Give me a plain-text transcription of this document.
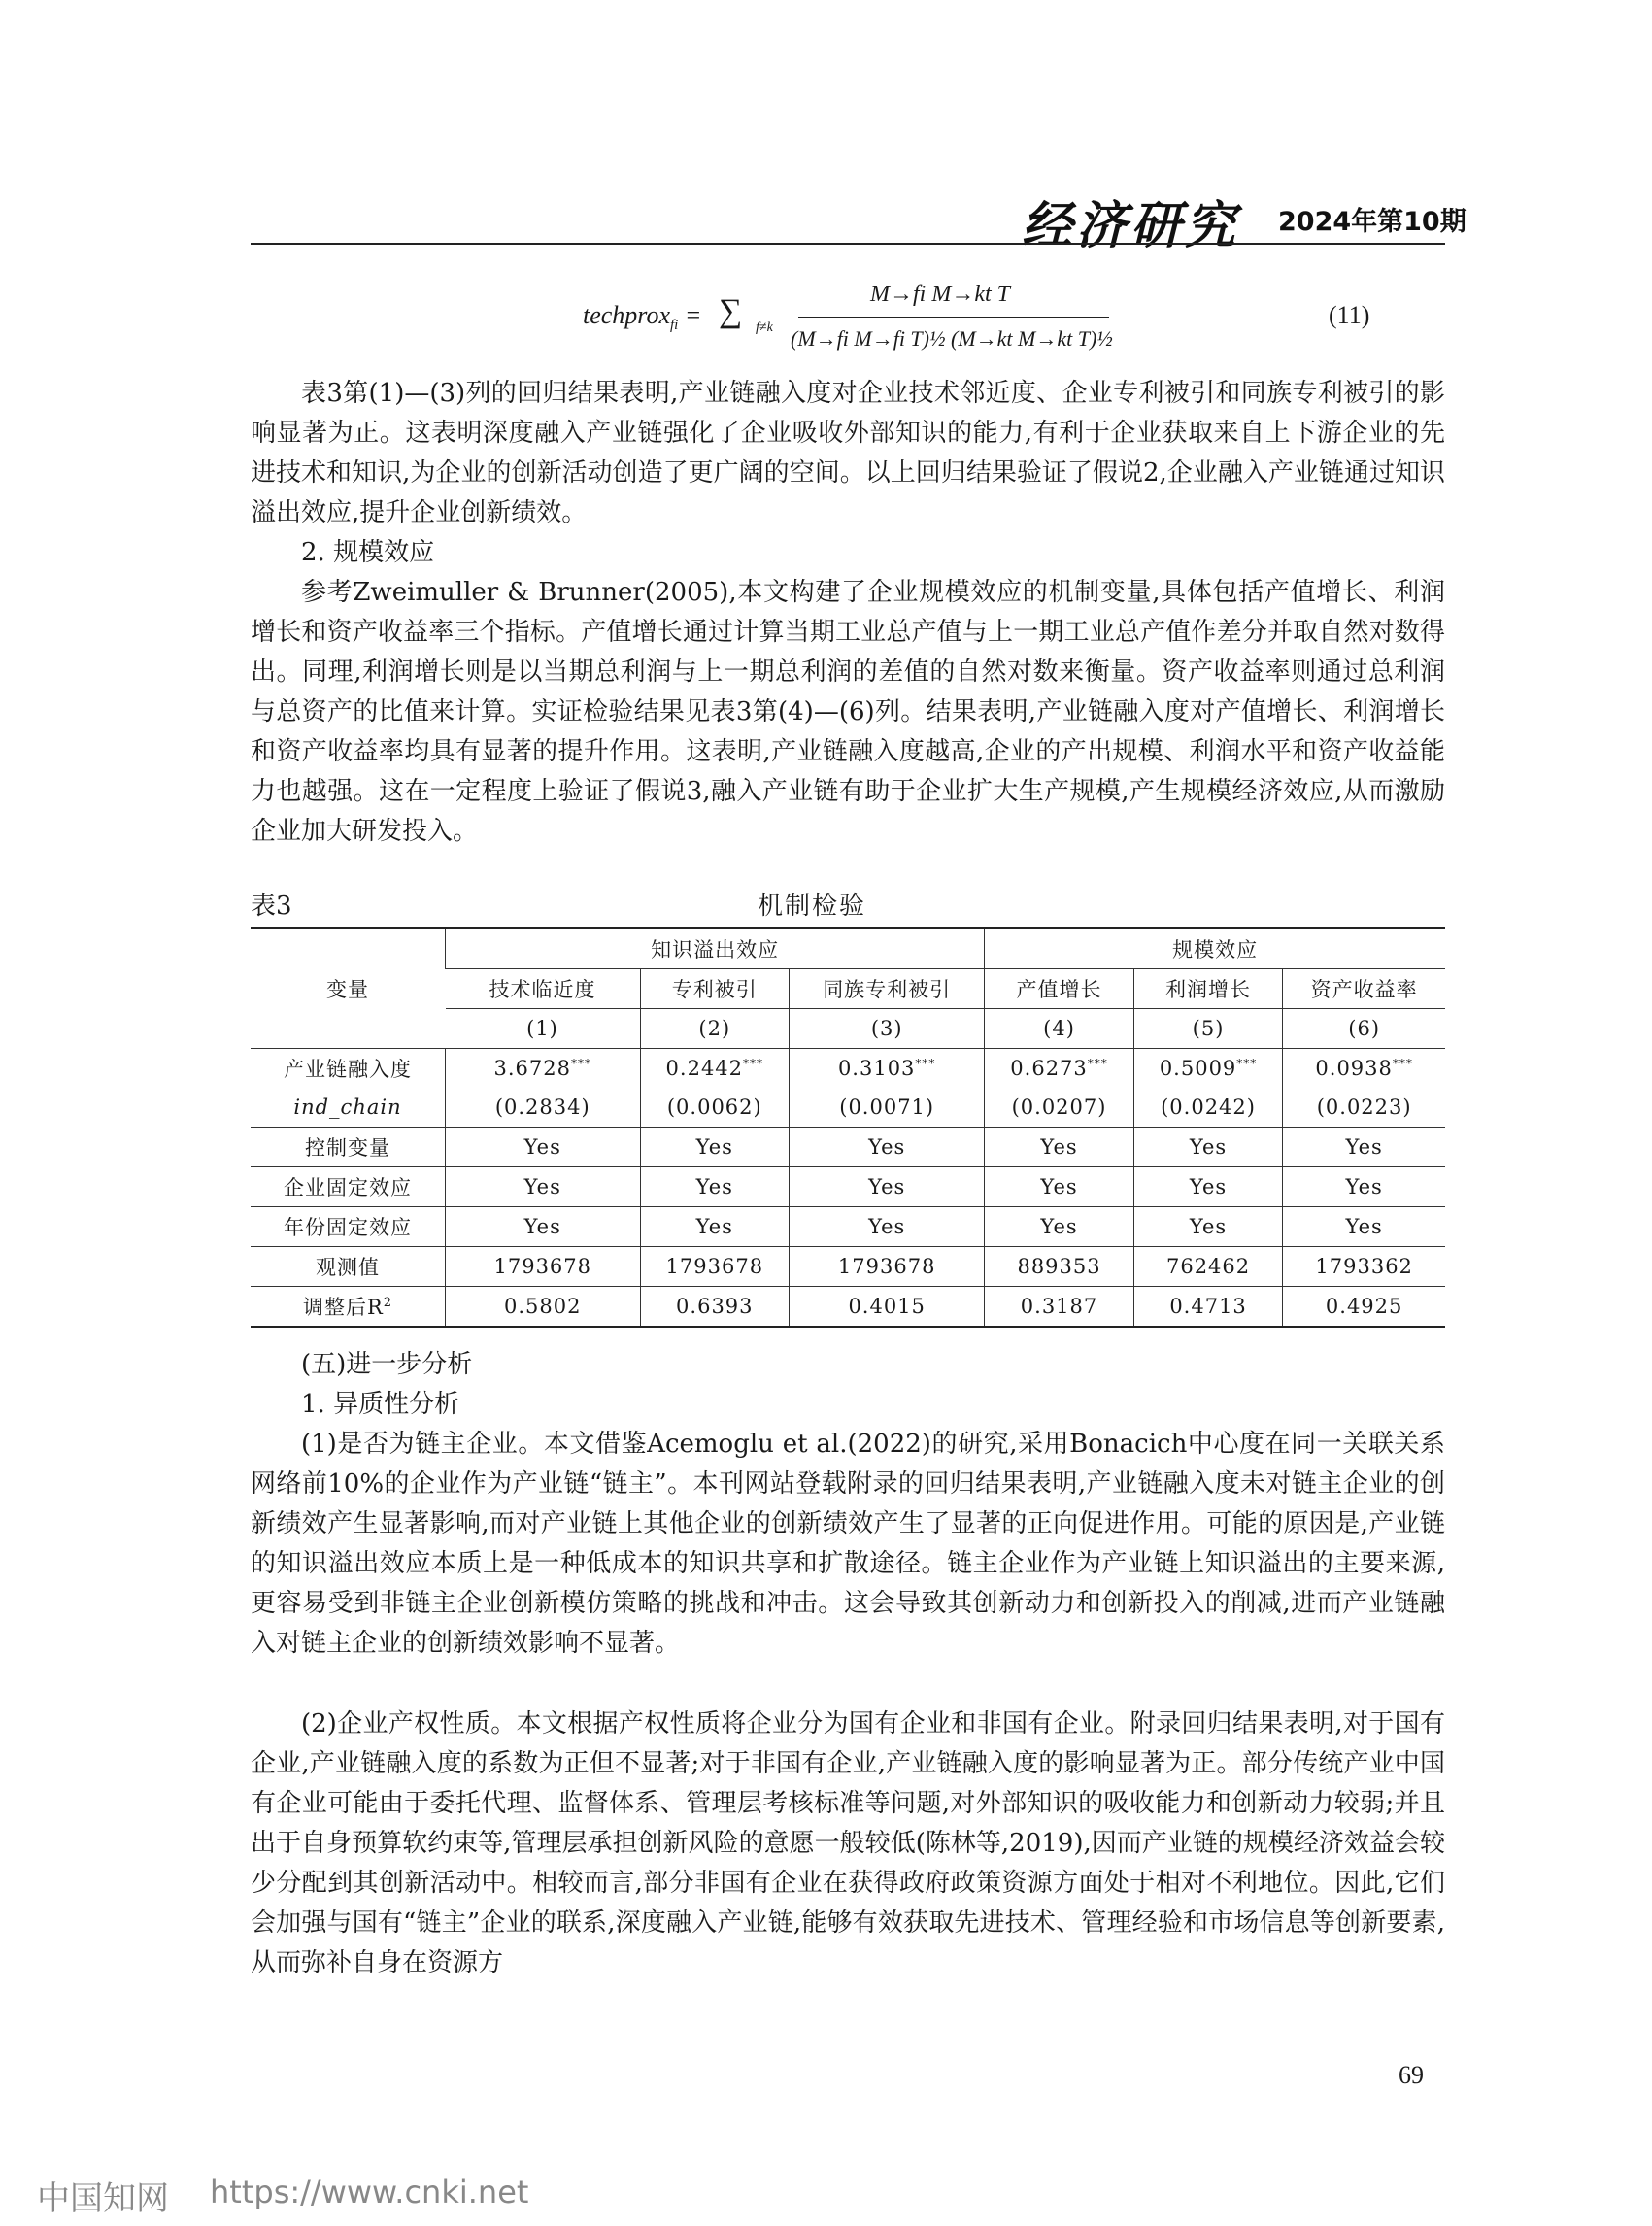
经济研究 2024年第10期
techprox$_{fi}$ = ∑ f≠k
M→fi M→kt T
(M→fi M→fi T)½ (M→kt M→kt T)½
(11)

表3第(1)—(3)列的回归结果表明,产业链融入度对企业技术邻近度、企业专利被引和同族专利被引的影响显著为正。这表明深度融入产业链强化了企业吸收外部知识的能力,有利于企业获取来自上下游企业的先进技术和知识,为企业的创新活动创造了更广阔的空间。以上回归结果验证了假说2,企业融入产业链通过知识溢出效应,提升企业创新绩效。

2. 规模效应

参考Zweimuller & Brunner(2005),本文构建了企业规模效应的机制变量,具体包括产值增长、利润增长和资产收益率三个指标。产值增长通过计算当期工业总产值与上一期工业总产值作差分并取自然对数得出。同理,利润增长则是以当期总利润与上一期总利润的差值的自然对数来衡量。资产收益率则通过总利润与总资产的比值来计算。实证检验结果见表3第(4)—(6)列。结果表明,产业链融入度对产值增长、利润增长和资产收益率均具有显著的提升作用。这表明,产业链融入度越高,企业的产出规模、利润水平和资产收益能力也越强。这在一定程度上验证了假说3,融入产业链有助于企业扩大生产规模,产生规模经济效应,从而激励企业加大研发投入。

表3	机制检验
变量	知识溢出效应			规模效应		
	技术临近度	专利被引	同族专利被引	产值增长	利润增长	资产收益率
	(1)	(2)	(3)	(4)	(5)	(6)
产业链融入度	3.6728***	0.2442***	0.3103***	0.6273***	0.5009***	0.0938***
ind_chain	(0.2834)	(0.0062)	(0.0071)	(0.0207)	(0.0242)	(0.0223)
控制变量	Yes	Yes	Yes	Yes	Yes	Yes
企业固定效应	Yes	Yes	Yes	Yes	Yes	Yes
年份固定效应	Yes	Yes	Yes	Yes	Yes	Yes
观测值	1793678	1793678	1793678	889353	762462	1793362
调整后$R^2$	0.5802	0.6393	0.4015	0.3187	0.4713	0.4925
(五)进一步分析
1. 异质性分析

(1)是否为链主企业。本文借鉴Acemoglu et al.(2022)的研究,采用Bonacich中心度在同一关联关系网络前10%的企业作为产业链“链主”。本刊网站登载附录的回归结果表明,产业链融入度未对链主企业的创新绩效产生显著影响,而对产业链上其他企业的创新绩效产生了显著的正向促进作用。可能的原因是,产业链的知识溢出效应本质上是一种低成本的知识共享和扩散途径。链主企业作为产业链上知识溢出的主要来源,更容易受到非链主企业创新模仿策略的挑战和冲击。这会导致其创新动力和创新投入的削减,进而产业链融入对链主企业的创新绩效影响不显著。

(2)企业产权性质。本文根据产权性质将企业分为国有企业和非国有企业。附录回归结果表明,对于国有企业,产业链融入度的系数为正但不显著;对于非国有企业,产业链融入度的影响显著为正。部分传统产业中国有企业可能由于委托代理、监督体系、管理层考核标准等问题,对外部知识的吸收能力和创新动力较弱;并且出于自身预算软约束等,管理层承担创新风险的意愿一般较低(陈林等,2019),因而产业链的规模经济效益会较少分配到其创新活动中。相较而言,部分非国有企业在获得政府政策资源方面处于相对不利地位。因此,它们会加强与国有“链主”企业的联系,深度融入产业链,能够有效获取先进技术、管理经验和市场信息等创新要素,从而弥补自身在资源方

69
中国知网 https://www.cnki.net
